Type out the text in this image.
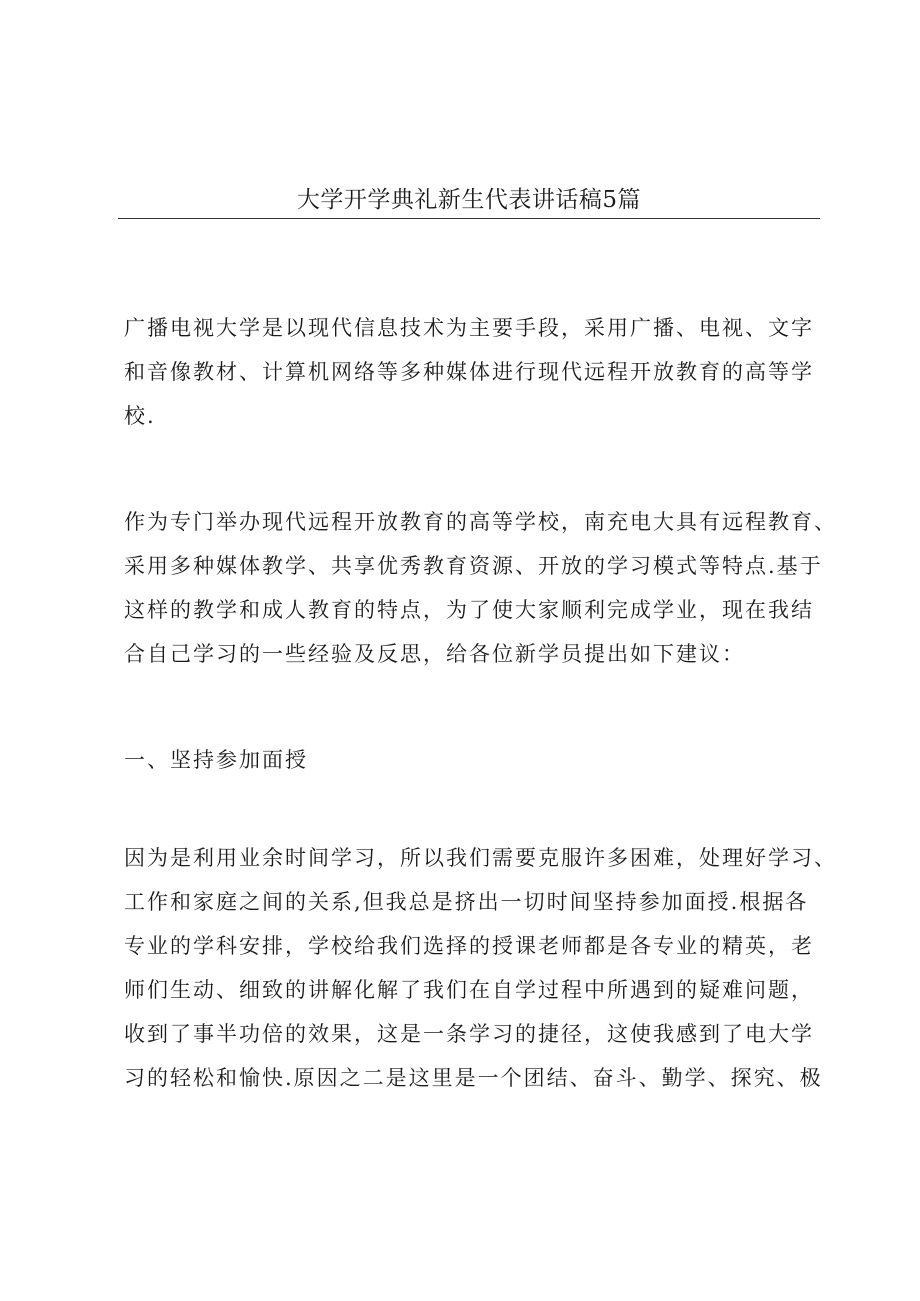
大学开学典礼新生代表讲话稿5篇

广播电视大学是以现代信息技术为主要手段，采用广播、电视、文字
和音像教材、计算机网络等多种媒体进行现代远程开放教育的高等学
校.

作为专门举办现代远程开放教育的高等学校，南充电大具有远程教育、
采用多种媒体教学、共享优秀教育资源、开放的学习模式等特点.基于
这样的教学和成人教育的特点，为了使大家顺利完成学业，现在我结
合自己学习的一些经验及反思，给各位新学员提出如下建议：

一、坚持参加面授

因为是利用业余时间学习，所以我们需要克服许多困难，处理好学习、
工作和家庭之间的关系,但我总是挤出一切时间坚持参加面授.根据各
专业的学科安排，学校给我们选择的授课老师都是各专业的精英，老
师们生动、细致的讲解化解了我们在自学过程中所遇到的疑难问题，
收到了事半功倍的效果，这是一条学习的捷径，这使我感到了电大学
习的轻松和愉快.原因之二是这里是一个团结、奋斗、勤学、探究、极
